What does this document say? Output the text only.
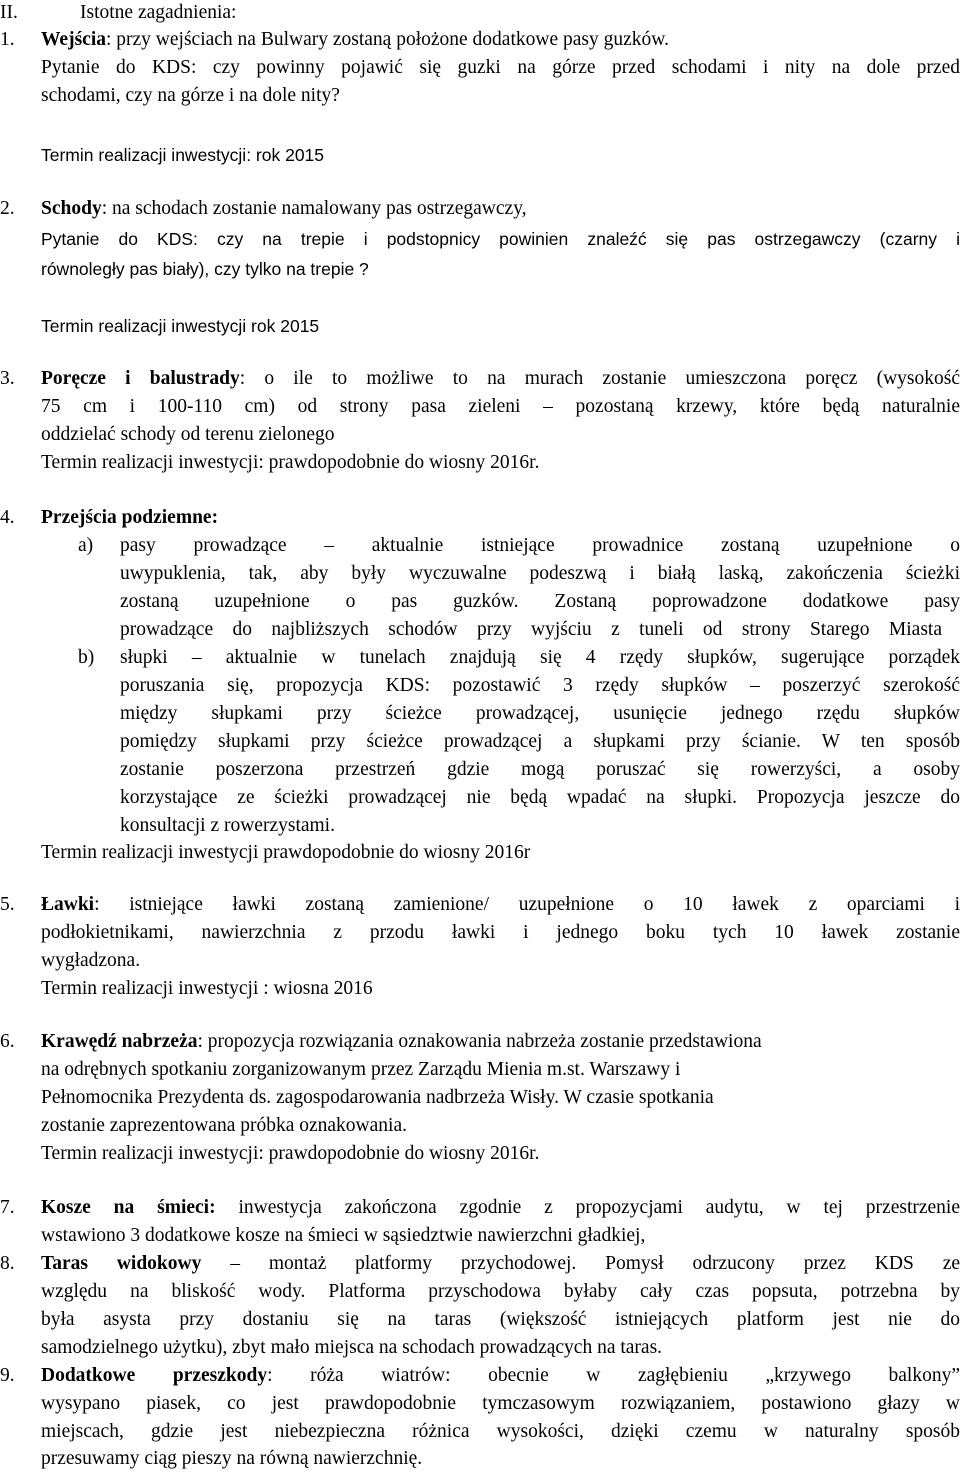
II.	Istotne zagadnienia:
1. Wejścia: przy wejściach na Bulwary zostaną położone dodatkowe pasy guzków.
Pytanie do KDS: czy powinny pojawić się guzki na górze przed schodami i nity na dole przed
schodami, czy na górze i na dole nity?
Termin realizacji inwestycji: rok 2015
2. Schody: na schodach zostanie namalowany pas ostrzegawczy,
Pytanie do KDS: czy na trepie i podstopnicy powinien znaleźć się pas ostrzegawczy (czarny i
równoległy pas biały), czy tylko na trepie ?
Termin realizacji inwestycji rok 2015
3. Poręcze i balustrady: o ile to możliwe to na murach zostanie umieszczona poręcz (wysokość
75 cm i 100-110 cm) od strony pasa zieleni – pozostaną krzewy, które będą naturalnie
oddzielać schody od terenu zielonego
Termin realizacji inwestycji: prawdopodobnie do wiosny 2016r.
4. Przejścia podziemne:
a) pasy prowadzące – aktualnie istniejące prowadnice zostaną uzupełnione o
uwypuklenia, tak, aby były wyczuwalne podeszwą i białą laską, zakończenia ścieżki
zostaną uzupełnione o pas guzków. Zostaną poprowadzone dodatkowe pasy
prowadzące do najbliższych schodów przy wyjściu z tuneli od strony Starego Miasta
b) słupki – aktualnie w tunelach znajdują się 4 rzędy słupków, sugerujące porządek
poruszania się, propozycja KDS: pozostawić 3 rzędy słupków – poszerzyć szerokość
między słupkami przy ścieżce prowadzącej, usunięcie jednego rzędu słupków
pomiędzy słupkami przy ścieżce prowadzącej a słupkami przy ścianie. W ten sposób
zostanie poszerzona przestrzeń gdzie mogą poruszać się rowerzyści, a osoby
korzystające ze ścieżki prowadzącej nie będą wpadać na słupki. Propozycja jeszcze do
konsultacji z rowerzystami.
Termin realizacji inwestycji prawdopodobnie do wiosny 2016r
5. Ławki: istniejące ławki zostaną zamienione/ uzupełnione o 10 ławek z oparciami i
podłokietnikami, nawierzchnia z przodu ławki i jednego boku tych 10 ławek zostanie
wygładzona.
Termin realizacji inwestycji : wiosna 2016
6. Krawędź nabrzeża: propozycja rozwiązania oznakowania nabrzeża zostanie przedstawiona
na odrębnych spotkaniu zorganizowanym przez Zarządu Mienia m.st. Warszawy i
Pełnomocnika Prezydenta ds. zagospodarowania nadbrzeża Wisły. W czasie spotkania
zostanie zaprezentowana próbka oznakowania.
Termin realizacji inwestycji: prawdopodobnie do wiosny 2016r.
7. Kosze na śmieci: inwestycja zakończona zgodnie z propozycjami audytu, w tej przestrzenie
wstawiono 3 dodatkowe kosze na śmieci w sąsiedztwie nawierzchni gładkiej,
8. Taras widokowy – montaż platformy przychodowej. Pomysł odrzucony przez KDS ze
względu na bliskość wody. Platforma przyschodowa byłaby cały czas popsuta, potrzebna by
była asysta przy dostaniu się na taras (większość istniejących platform jest nie do
samodzielnego użytku), zbyt mało miejsca na schodach prowadzących na taras.
9. Dodatkowe przeszkody: róża wiatrów: obecnie w zagłębieniu „krzywego balkony”
wysypano piasek, co jest prawdopodobnie tymczasowym rozwiązaniem, postawiono głazy w
miejscach, gdzie jest niebezpieczna różnica wysokości, dzięki czemu w naturalny sposób
przesuwamy ciąg pieszy na równą nawierzchnię.
